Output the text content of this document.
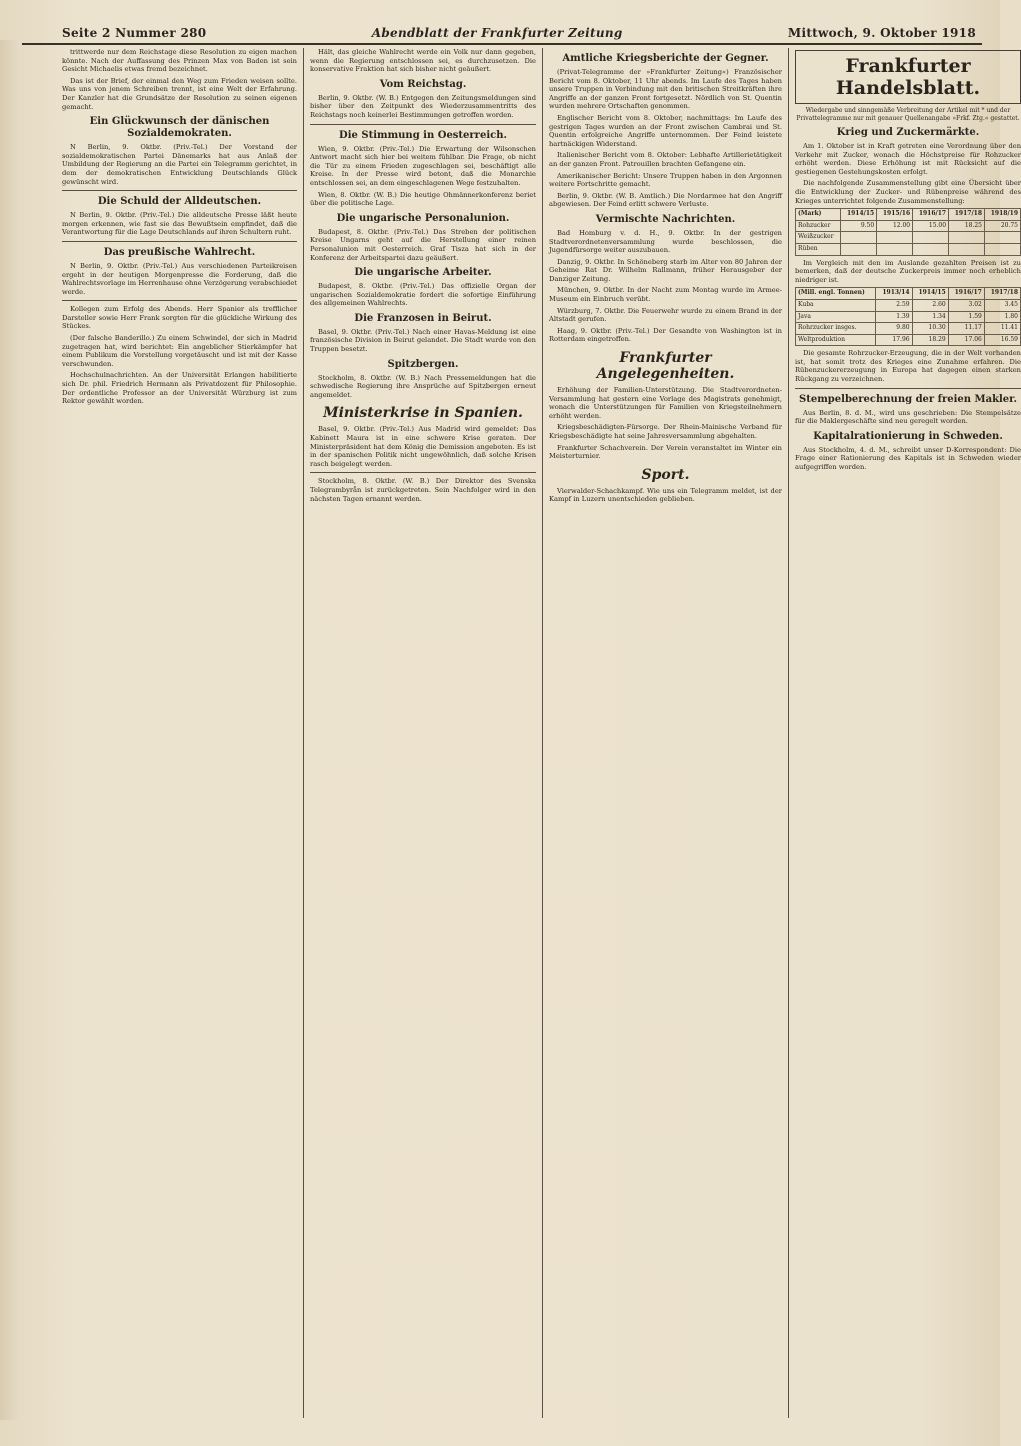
Seite 2 Nummer 280	Abendblatt der Frankfurter Zeitung	Mittwoch, 9. Oktober 1918

trittwerde nur dem Reichstage diese Resolution zu eigen machen könnte. Nach der Auffassung des Prinzen Max von Baden ist sein Gesicht Michaelis etwas fremd bezeichnet.

Das ist der Brief, der einmal den Weg zum Frieden weisen sollte. Was uns von jenem Schreiben trennt, ist eine Welt der Erfahrung. Der Kanzler hat die Grundsätze der Resolution zu seinen eigenen gemacht.

Ein Glückwunsch der dänischen Sozialdemokraten.

N Berlin, 9. Oktbr. (Priv.-Tel.) Der Vorstand der sozialdemokratischen Partei Dänemarks hat aus Anlaß der Umbildung der Regierung an die Partei ein Telegramm gerichtet, in dem der demokratischen Entwicklung Deutschlands Glück gewünscht wird.

Die Schuld der Alldeutschen.

N Berlin, 9. Oktbr. (Priv.-Tel.) Die alldeutsche Presse läßt heute morgen erkennen, wie fast sie das Bewußtsein empfindet, daß die Verantwortung für die Lage Deutschlands auf ihren Schultern ruht.

Das preußische Wahlrecht.

N Berlin, 9. Oktbr. (Priv.-Tel.) Aus verschiedenen Parteikreisen ergeht in der heutigen Morgenpresse die Forderung, daß die Wahlrechtsvorlage im Herrenhause ohne Verzögerung verabschiedet werde.

Kollegen zum Erfolg des Abends. Herr Spanier als trefflicher Darsteller sowie Herr Frank sorgten für die glückliche Wirkung des Stückes.

(Der falsche Banderillo.) Zu einem Schwindel, der sich in Madrid zugetragen hat, wird berichtet: Ein angeblicher Stierkämpfer hat einem Publikum die Vorstellung vorgetäuscht und ist mit der Kasse verschwunden.

Hochschulnachrichten. An der Universität Erlangen habilitierte sich Dr. phil. Friedrich Hermann als Privatdozent für Philosophie. Der ordentliche Professor an der Universität Würzburg ist zum Rektor gewählt worden.

Hält, das gleiche Wahlrecht werde ein Volk nur dann gegeben, wenn die Regierung entschlossen sei, es durchzusetzen. Die konservative Fraktion hat sich bisher nicht geäußert.

Vom Reichstag.

Berlin, 9. Oktbr. (W. B.) Entgegen den Zeitungsmeldungen sind bisher über den Zeitpunkt des Wiederzusammentritts des Reichstags noch keinerlei Bestimmungen getroffen worden.

Die Stimmung in Oesterreich.

Wien, 9. Oktbr. (Priv.-Tel.) Die Erwartung der Wilsonschen Antwort macht sich hier bei weitem fühlbar. Die Frage, ob nicht die Tür zu einem Frieden zugeschlagen sei, beschäftigt alle Kreise. In der Presse wird betont, daß die Monarchie entschlossen sei, an dem eingeschlagenen Wege festzuhalten.

Wien, 8. Oktbr. (W. B.) Die heutige Ohmännerkonferenz beriet über die politische Lage.

Die ungarische Personalunion.

Budapest, 8. Oktbr. (Priv.-Tel.) Das Streben der politischen Kreise Ungarns geht auf die Herstellung einer reinen Personalunion mit Oesterreich. Graf Tisza hat sich in der Konferenz der Arbeitspartei dazu geäußert.

Die ungarische Arbeiter.

Budapest, 8. Oktbr. (Priv.-Tel.) Das offizielle Organ der ungarischen Sozialdemokratie fordert die sofortige Einführung des allgemeinen Wahlrechts.

Die Franzosen in Beirut.

Basel, 9. Oktbr. (Priv.-Tel.) Nach einer Havas-Meldung ist eine französische Division in Beirut gelandet. Die Stadt wurde von den Truppen besetzt.

Spitzbergen.

Stockholm, 8. Oktbr. (W. B.) Nach Pressemeldungen hat die schwedische Regierung ihre Ansprüche auf Spitzbergen erneut angemeldet.

Ministerkrise in Spanien.

Basel, 9. Oktbr. (Priv.-Tel.) Aus Madrid wird gemeldet: Das Kabinett Maura ist in eine schwere Krise geraten. Der Ministerpräsident hat dem König die Demission angeboten. Es ist in der spanischen Politik nicht ungewöhnlich, daß solche Krisen rasch beigelegt werden.

Stockholm, 8. Oktbr. (W. B.) Der Direktor des Svenska Telegrambyrån ist zurückgetreten. Sein Nachfolger wird in den nächsten Tagen ernannt werden.

Amtliche Kriegsberichte der Gegner.

(Privat-Telegramme der »Frankfurter Zeitung«) Französischer Bericht vom 8. Oktober, 11 Uhr abends. Im Laufe des Tages haben unsere Truppen in Verbindung mit den britischen Streitkräften ihre Angriffe an der ganzen Front fortgesetzt. Nördlich von St. Quentin wurden mehrere Ortschaften genommen.

Englischer Bericht vom 8. Oktober, nachmittags: Im Laufe des gestrigen Tages wurden an der Front zwischen Cambrai und St. Quentin erfolgreiche Angriffe unternommen. Der Feind leistete hartnäckigen Widerstand.

Italienischer Bericht vom 8. Oktober: Lebhafte Artillerietätigkeit an der ganzen Front. Patrouillen brachten Gefangene ein.

Amerikanischer Bericht: Unsere Truppen haben in den Argonnen weitere Fortschritte gemacht.

Berlin, 9. Oktbr. (W. B. Amtlich.) Die Nordarmee hat den Angriff abgewiesen. Der Feind erlitt schwere Verluste.

Vermischte Nachrichten.

Bad Homburg v. d. H., 9. Oktbr. In der gestrigen Stadtverordnetenversammlung wurde beschlossen, die Jugendfürsorge weiter auszubauen.

Danzig, 9. Oktbr. In Schöneberg starb im Alter von 80 Jahren der Geheime Rat Dr. Wilhelm Rallmann, früher Herausgeber der Danziger Zeitung.

München, 9. Oktbr. In der Nacht zum Montag wurde im Armee-Museum ein Einbruch verübt.

Würzburg, 7. Oktbr. Die Feuerwehr wurde zu einem Brand in der Altstadt gerufen.

Haag, 9. Oktbr. (Priv.-Tel.) Der Gesandte von Washington ist in Rotterdam eingetroffen.

Frankfurter Angelegenheiten.

Erhöhung der Familien-Unterstützung. Die Stadtverordneten-Versammlung hat gestern eine Vorlage des Magistrats genehmigt, wonach die Unterstützungen für Familien von Kriegsteilnehmern erhöht werden.

Kriegsbeschädigten-Fürsorge. Der Rhein-Mainische Verband für Kriegsbeschädigte hat seine Jahresversammlung abgehalten.

Frankfurter Schachverein. Der Verein veranstaltet im Winter ein Meisterturnier.

Sport.

Vierwalder-Schachkampf. Wie uns ein Telegramm meldet, ist der Kampf in Luzern unentschieden geblieben.

Frankfurter Handelsblatt.
Wiedergabe und sinngemäße Verbreitung der Artikel mit * und der Privattelegramme nur mit genauer Quellenangabe »Frkf. Ztg.« gestattet.
Krieg und Zuckermärkte.

Am 1. Oktober ist in Kraft getreten eine Verordnung über den Verkehr mit Zucker, wonach die Höchstpreise für Rohzucker erhöht werden. Diese Erhöhung ist mit Rücksicht auf die gestiegenen Gestehungskosten erfolgt.

Die nachfolgende Zusammenstellung gibt eine Übersicht über die Entwicklung der Zucker- und Rübenpreise während des Krieges unterrichtet folgende Zusammenstellung:

(Mark)	1914/15	1915/16	1916/17	1917/18	1918/19
Rohzucker	9.50	12.00	15.00	18.25	20.75
Weißzucker					
Rüben					

Im Vergleich mit den im Auslande gezahlten Preisen ist zu bemerken, daß der deutsche Zuckerpreis immer noch erheblich niedriger ist.

(Mill. engl. Tonnen)	1913/14	1914/15	1916/17	1917/18
Kuba	2.59	2.60	3.02	3.45
Java	1.39	1.34	1.59	1.80
Rohrzucker insges.	9.80	10.30	11.17	11.41
Weltproduktion	17.96	18.29	17.06	16.59

Die gesamte Rohrzucker-Erzeugung, die in der Welt vorhanden ist, hat somit trotz des Krieges eine Zunahme erfahren. Die Rübenzuckererzeugung in Europa hat dagegen einen starken Rückgang zu verzeichnen.

Stempelberechnung der freien Makler.

Aus Berlin, 8. d. M., wird uns geschrieben: Die Stempelsätze für die Maklergeschäfte sind neu geregelt worden.

Kapitalrationierung in Schweden.

Aus Stockholm, 4. d. M., schreibt unser D-Korrespondent: Die Frage einer Rationierung des Kapitals ist in Schweden wieder aufgegriffen worden.
